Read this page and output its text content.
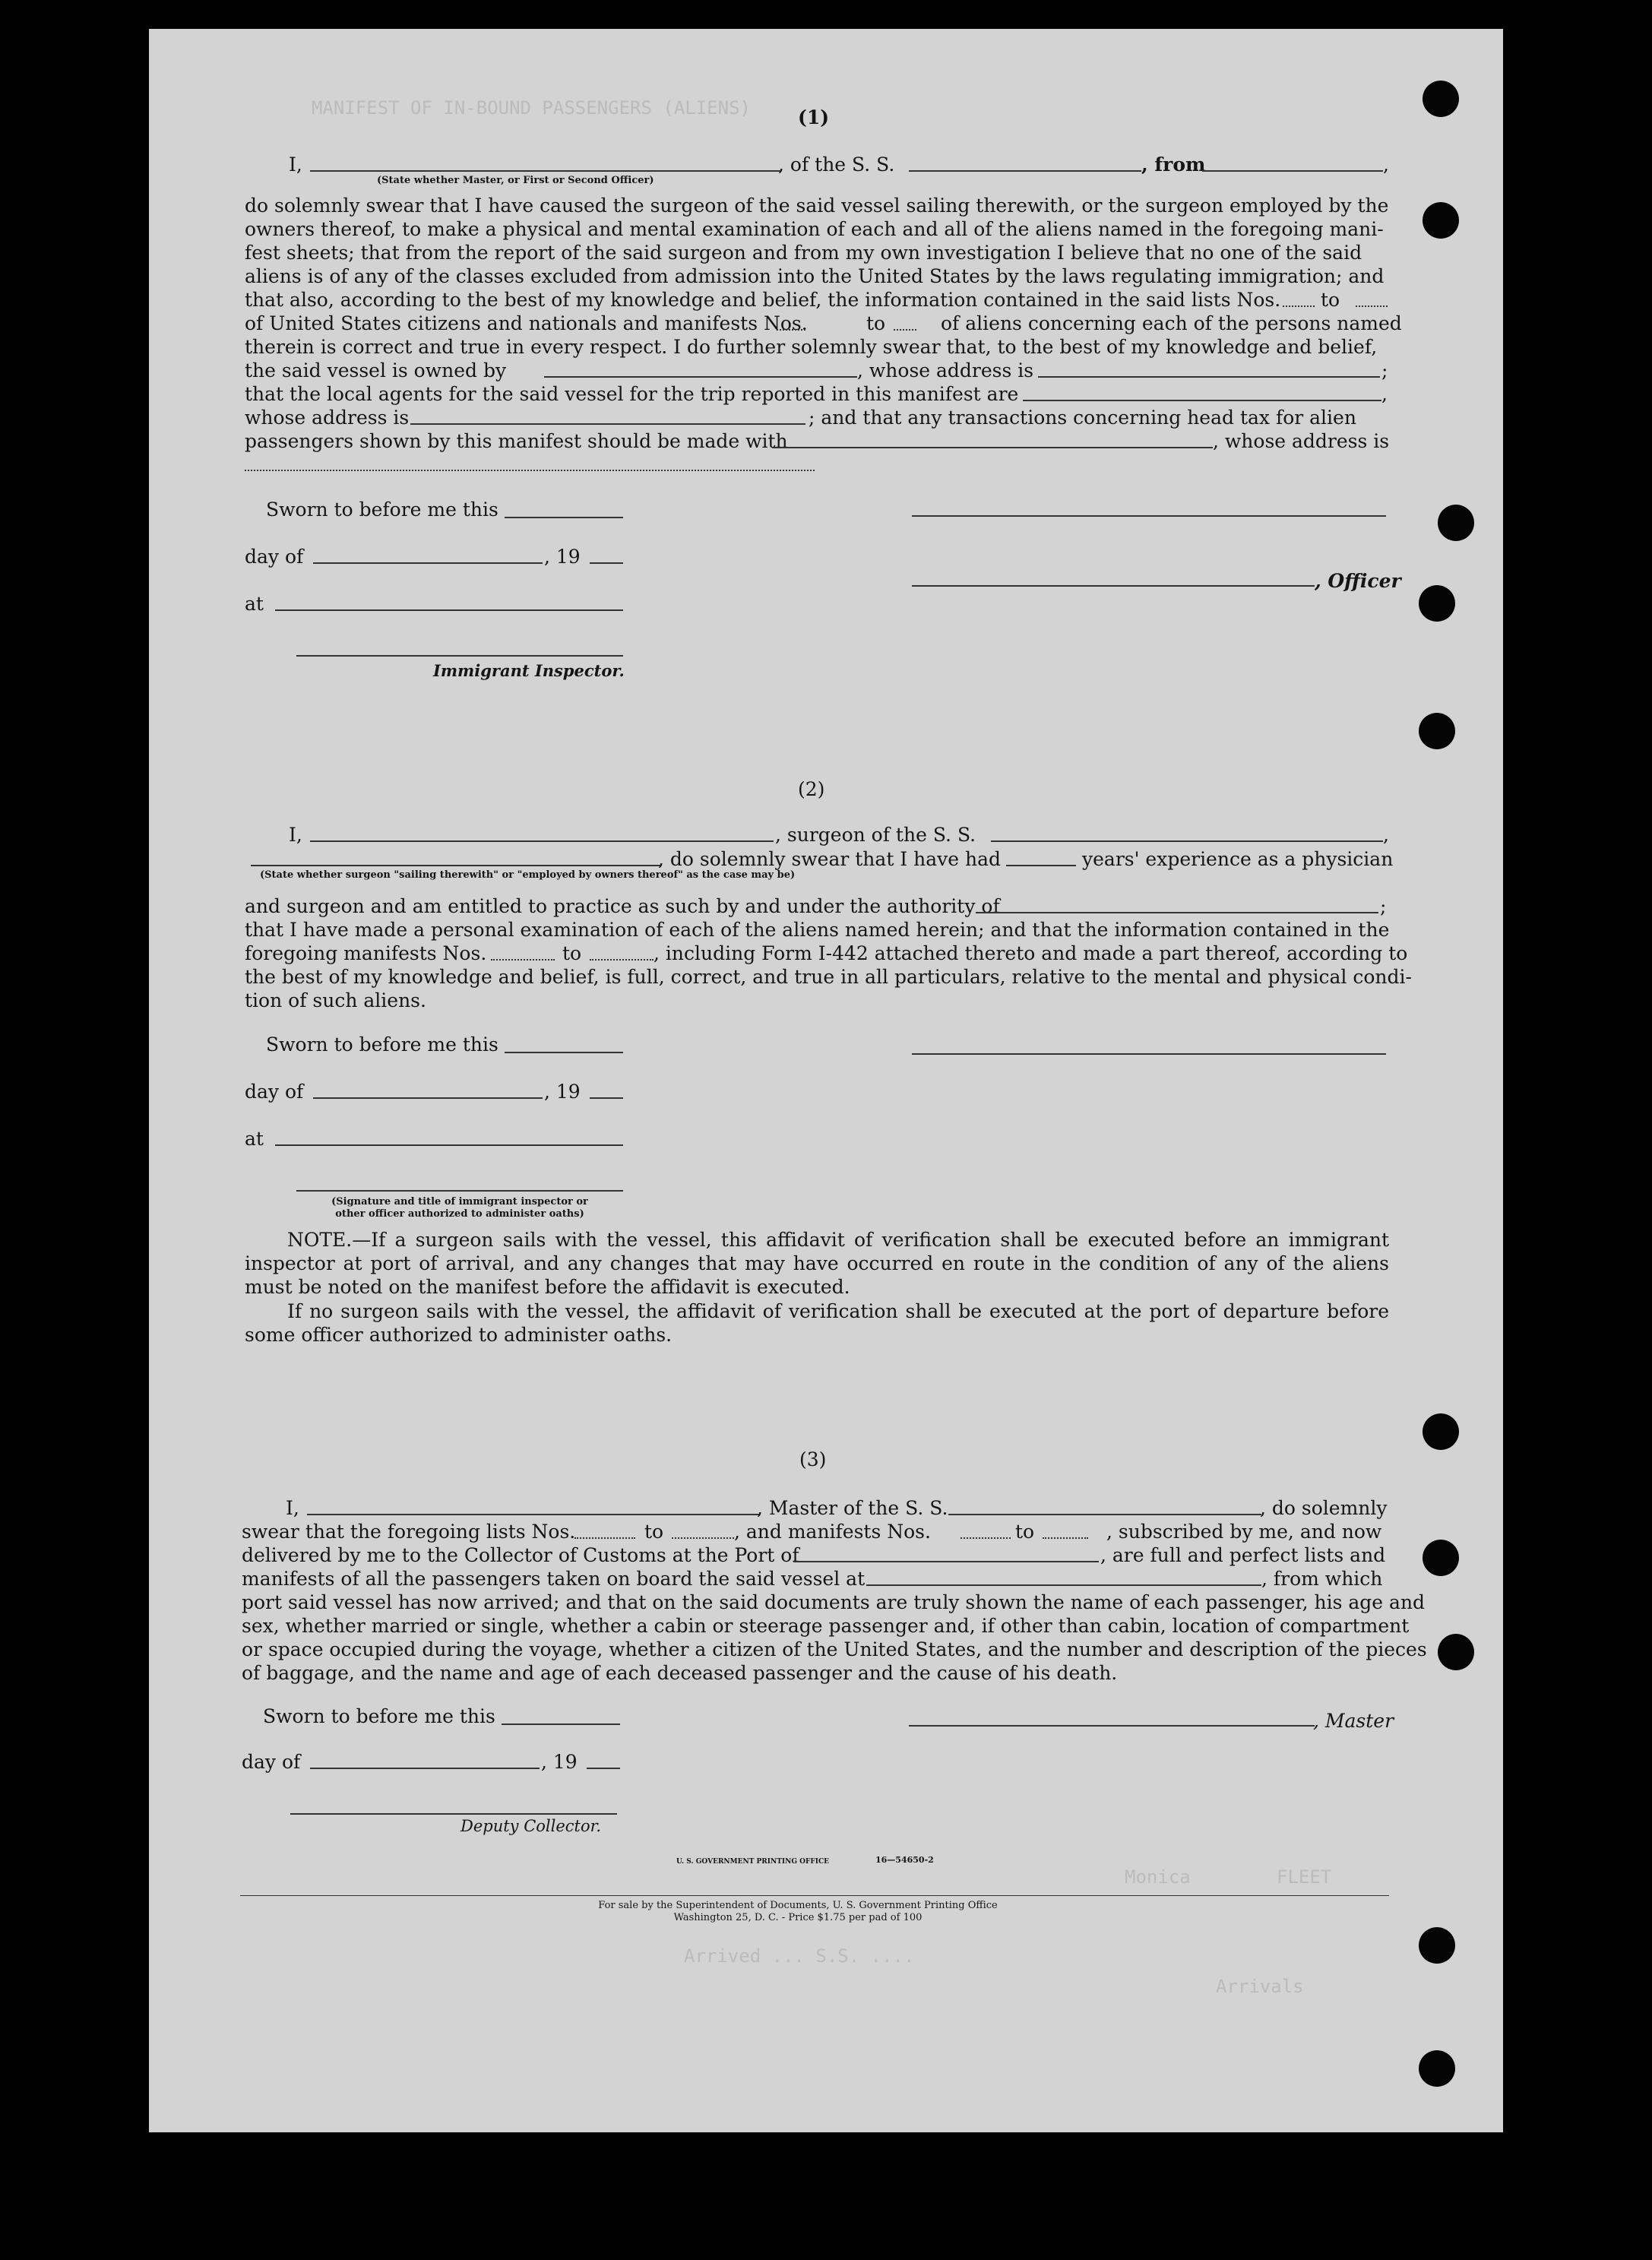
MANIFEST OF IN-BOUND PASSENGERS (ALIENS)
Arrived ... S.S. ....
Monica	FLEET
Arrivals
(1)
I,	, of the S. S.	, from	,
(State whether Master, or First or Second Officer)
do solemnly swear that I have caused the surgeon of the said vessel sailing therewith, or the surgeon employed by the
owners thereof, to make a physical and mental examination of each and all of the aliens named in the foregoing mani-
fest sheets; that from the report of the said surgeon and from my own investigation I believe that no one of the said
aliens is of any of the classes excluded from admission into the United States by the laws regulating immigration; and
that also, according to the best of my knowledge and belief, the information contained in the said lists Nos. to
of United States citizens and nationals and manifests Nos.	to	of aliens concerning each of the persons named
therein is correct and true in every respect. I do further solemnly swear that, to the best of my knowledge and belief,
the said vessel is owned by	, whose address is	;
that the local agents for the said vessel for the trip reported in this manifest are	,
whose address is	; and that any transactions concerning head tax for alien
passengers shown by this manifest should be made with	, whose address is
Sworn to before me this
day of	, 19
, Officer
at
Immigrant Inspector.
(2)
I,	, surgeon of the S. S.	,
, do solemnly swear that I have had	years' experience as a physician
(State whether surgeon "sailing therewith" or "employed by owners thereof" as the case may be)
and surgeon and am entitled to practice as such by and under the authority of	;
that I have made a personal examination of each of the aliens named herein; and that the information contained in the
foregoing manifests Nos.	to	, including Form I-442 attached thereto and made a part thereof, according to
the best of my knowledge and belief, is full, correct, and true in all particulars, relative to the mental and physical condi-
tion of such aliens.
Sworn to before me this
day of	, 19
at
(Signature and title of immigrant inspector or
other officer authorized to administer oaths)
NOTE.—If a surgeon sails with the vessel, this affidavit of verification shall be executed before an immigrant inspector at port of arrival, and any changes that may have occurred en route in the condition of any of the aliens must be noted on the manifest before the affidavit is executed.
If no surgeon sails with the vessel, the affidavit of verification shall be executed at the port of departure before some officer authorized to administer oaths.
(3)
I,	, Master of the S. S.	, do solemnly
swear that the foregoing lists Nos.	to	, and manifests Nos.	to	, subscribed by me, and now
delivered by me to the Collector of Customs at the Port of	, are full and perfect lists and
manifests of all the passengers taken on board the said vessel at	, from which
port said vessel has now arrived; and that on the said documents are truly shown the name of each passenger, his age and
sex, whether married or single, whether a cabin or steerage passenger and, if other than cabin, location of compartment
or space occupied during the voyage, whether a citizen of the United States, and the number and description of the pieces
of baggage, and the name and age of each deceased passenger and the cause of his death.
Sworn to before me this	, Master
day of	, 19
Deputy Collector.
U. S. GOVERNMENT PRINTING OFFICE	16—54650-2
For sale by the Superintendent of Documents, U. S. Government Printing Office
Washington 25, D. C. - Price $1.75 per pad of 100
